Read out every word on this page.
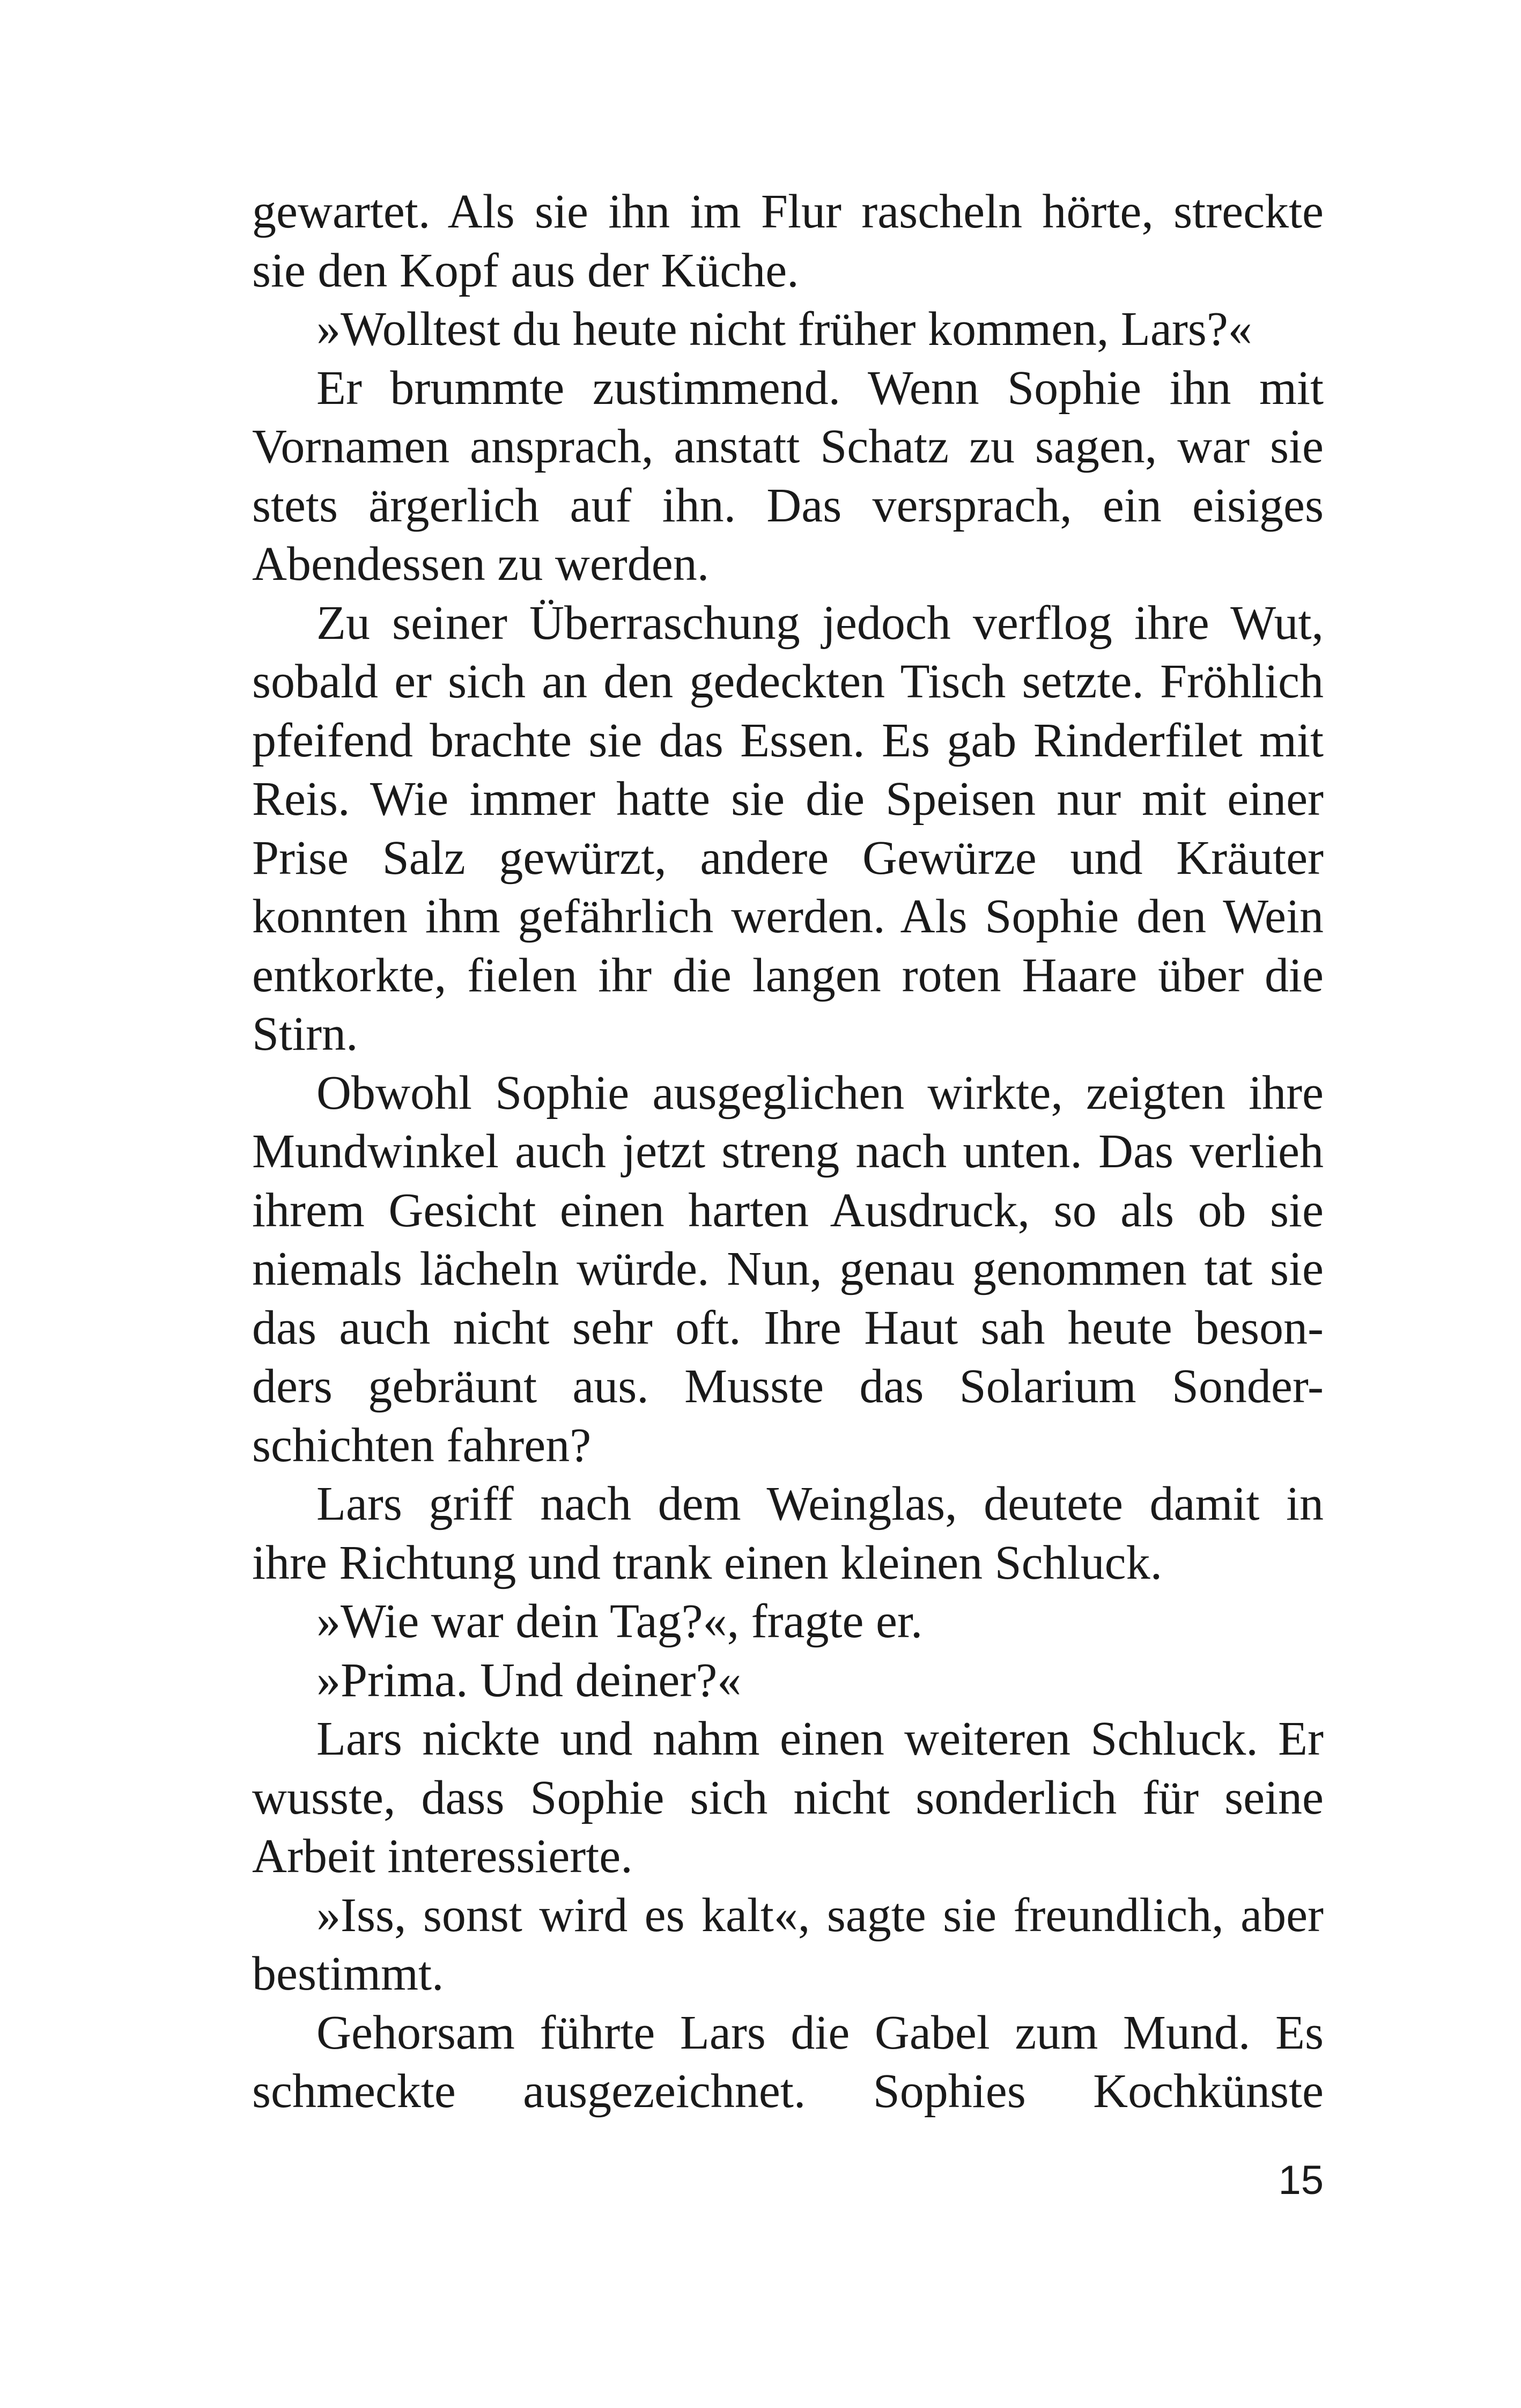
gewartet. Als sie ihn im Flur rascheln hörte, streckte
sie den Kopf aus der Küche.
»Wolltest du heute nicht früher kommen, Lars?«
Er brummte zustimmend. Wenn Sophie ihn mit
Vornamen ansprach, anstatt Schatz zu sagen, war sie
stets ärgerlich auf ihn. Das versprach, ein eisiges
Abendessen zu werden.
Zu seiner Überraschung jedoch verflog ihre Wut,
sobald er sich an den gedeckten Tisch setzte. Fröhlich
pfeifend brachte sie das Essen. Es gab Rinderfilet mit
Reis. Wie immer hatte sie die Speisen nur mit einer
Prise Salz gewürzt, andere Gewürze und Kräuter
konnten ihm gefährlich werden. Als Sophie den Wein
entkorkte, fielen ihr die langen roten Haare über die
Stirn.
Obwohl Sophie ausgeglichen wirkte, zeigten ihre
Mundwinkel auch jetzt streng nach unten. Das verlieh
ihrem Gesicht einen harten Ausdruck, so als ob sie
niemals lächeln würde. Nun, genau genommen tat sie
das auch nicht sehr oft. Ihre Haut sah heute beson-
ders gebräunt aus. Musste das Solarium Sonder-
schichten fahren?
Lars griff nach dem Weinglas, deutete damit in
ihre Richtung und trank einen kleinen Schluck.
»Wie war dein Tag?«, fragte er.
»Prima. Und deiner?«
Lars nickte und nahm einen weiteren Schluck. Er
wusste, dass Sophie sich nicht sonderlich für seine
Arbeit interessierte.
»Iss, sonst wird es kalt«, sagte sie freundlich, aber
bestimmt.
Gehorsam führte Lars die Gabel zum Mund. Es
schmeckte ausgezeichnet. Sophies Kochkünste
15
